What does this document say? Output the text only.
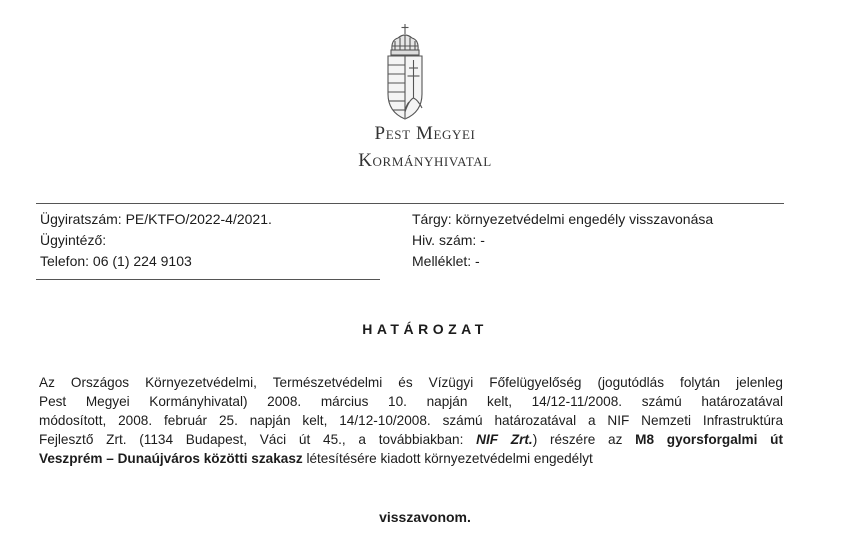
Pest Megyei
Kormányhivatal
Ügyiratszám: PE/KTFO/2022-4/2021.
Ügyintéző:
Telefon: 06 (1) 224 9103
Tárgy: környezetvédelmi engedély visszavonása
Hiv. szám: -
Melléklet: -
HATÁROZAT
Az Országos Környezetvédelmi, Természetvédelmi és Vízügyi Főfelügyelőség (jogutódlás folytán jelenleg
Pest Megyei Kormányhivatal) 2008. március 10. napján kelt, 14/12-11/2008. számú határozatával
módosított, 2008. február 25. napján kelt, 14/12-10/2008. számú határozatával a NIF Nemzeti Infrastruktúra
Fejlesztő Zrt. (1134 Budapest, Váci út 45., a továbbiakban: NIF Zrt.) részére az M8 gyorsforgalmi út
Veszprém – Dunaújváros közötti szakasz létesítésére kiadott környezetvédelmi engedélyt
visszavonom.
